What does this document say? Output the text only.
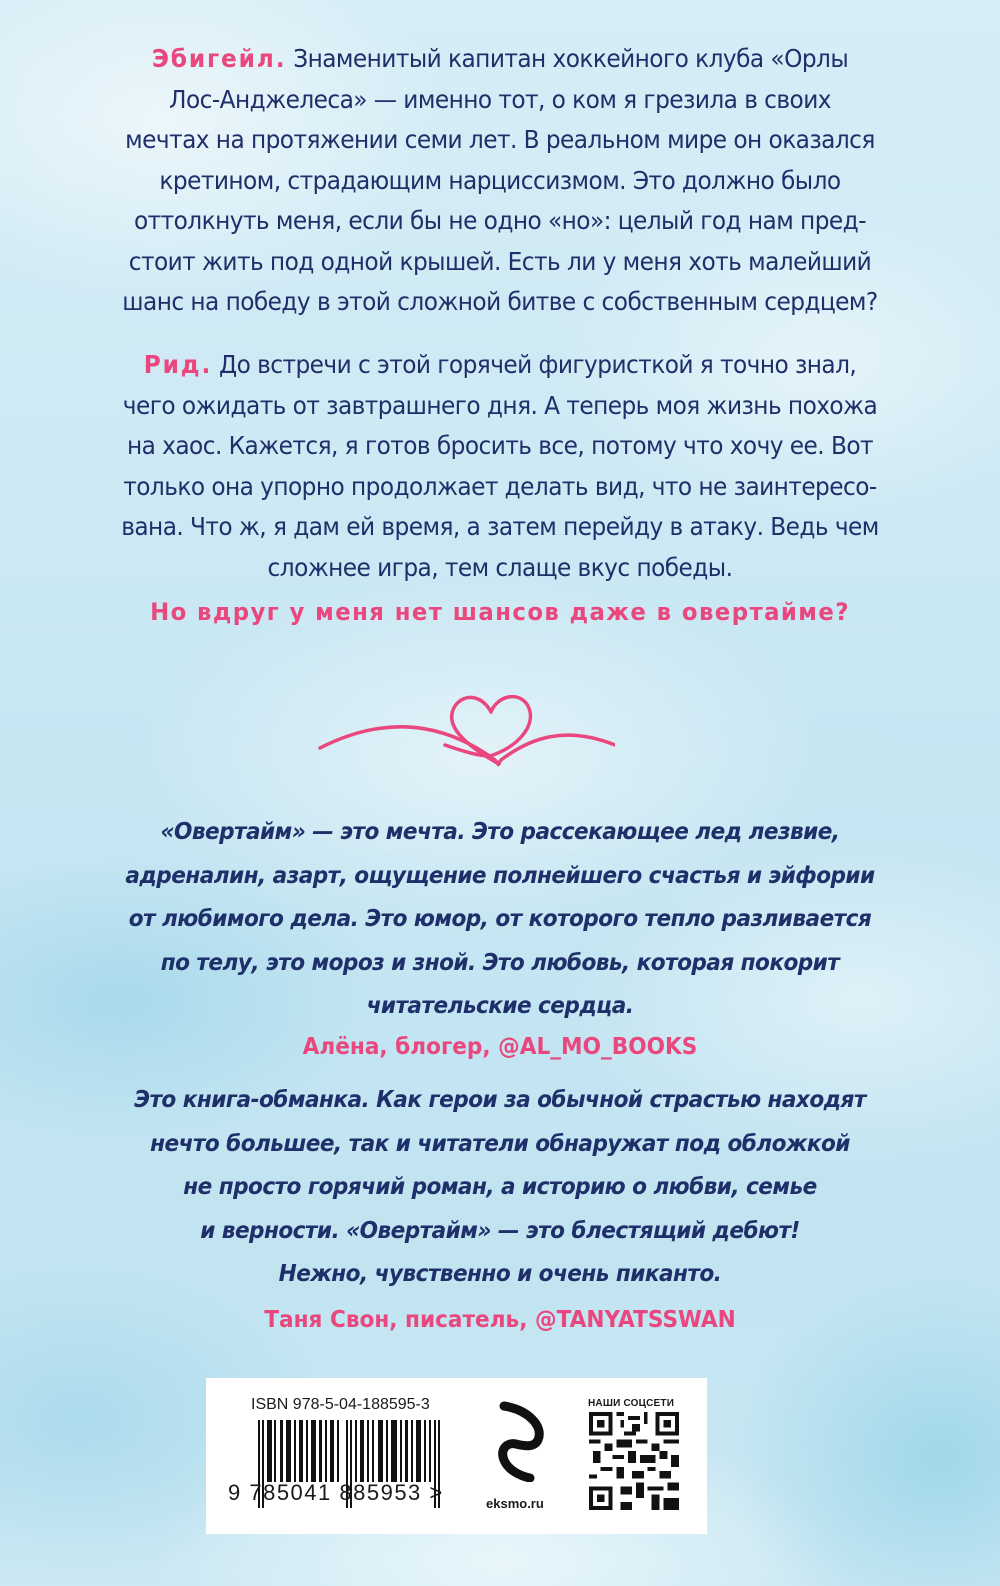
Эбигейл. Знаменитый капитан хоккейного клуба «Орлы
Лос-Анджелеса» — именно тот, о ком я грезила в своих
мечтах на протяжении семи лет. В реальном мире он оказался
кретином, страдающим нарциссизмом. Это должно было
оттолкнуть меня, если бы не одно «но»: целый год нам пред-
стоит жить под одной крышей. Есть ли у меня хоть малейший
шанс на победу в этой сложной битве с собственным сердцем?
Рид. До встречи с этой горячей фигуристкой я точно знал,
чего ожидать от завтрашнего дня. А теперь моя жизнь похожа
на хаос. Кажется, я готов бросить все, потому что хочу ее. Вот
только она упорно продолжает делать вид, что не заинтересо-
вана. Что ж, я дам ей время, а затем перейду в атаку. Ведь чем
сложнее игра, тем слаще вкус победы.
Но вдруг у меня нет шансов даже в овертайме?
«Овертайм» — это мечта. Это рассекающее лед лезвие,
адреналин, азарт, ощущение полнейшего счастья и эйфории
от любимого дела. Это юмор, от которого тепло разливается
по телу, это мороз и зной. Это любовь, которая покорит
читательские сердца.
Алёна, блогер, @AL_MO_BOOKS
Это книга-обманка. Как герои за обычной страстью находят
нечто большее, так и читатели обнаружат под обложкой
не просто горячий роман, а историю о любви, семье
и верности. «Овертайм» — это блестящий дебют!
Нежно, чувственно и очень пиканто.
Таня Свон, писатель, @TANYATSSWAN
ISBN 978-5-04-188595-3
9 785041 885953 >	eksmo.ru
НАШИ СОЦСЕТИ
